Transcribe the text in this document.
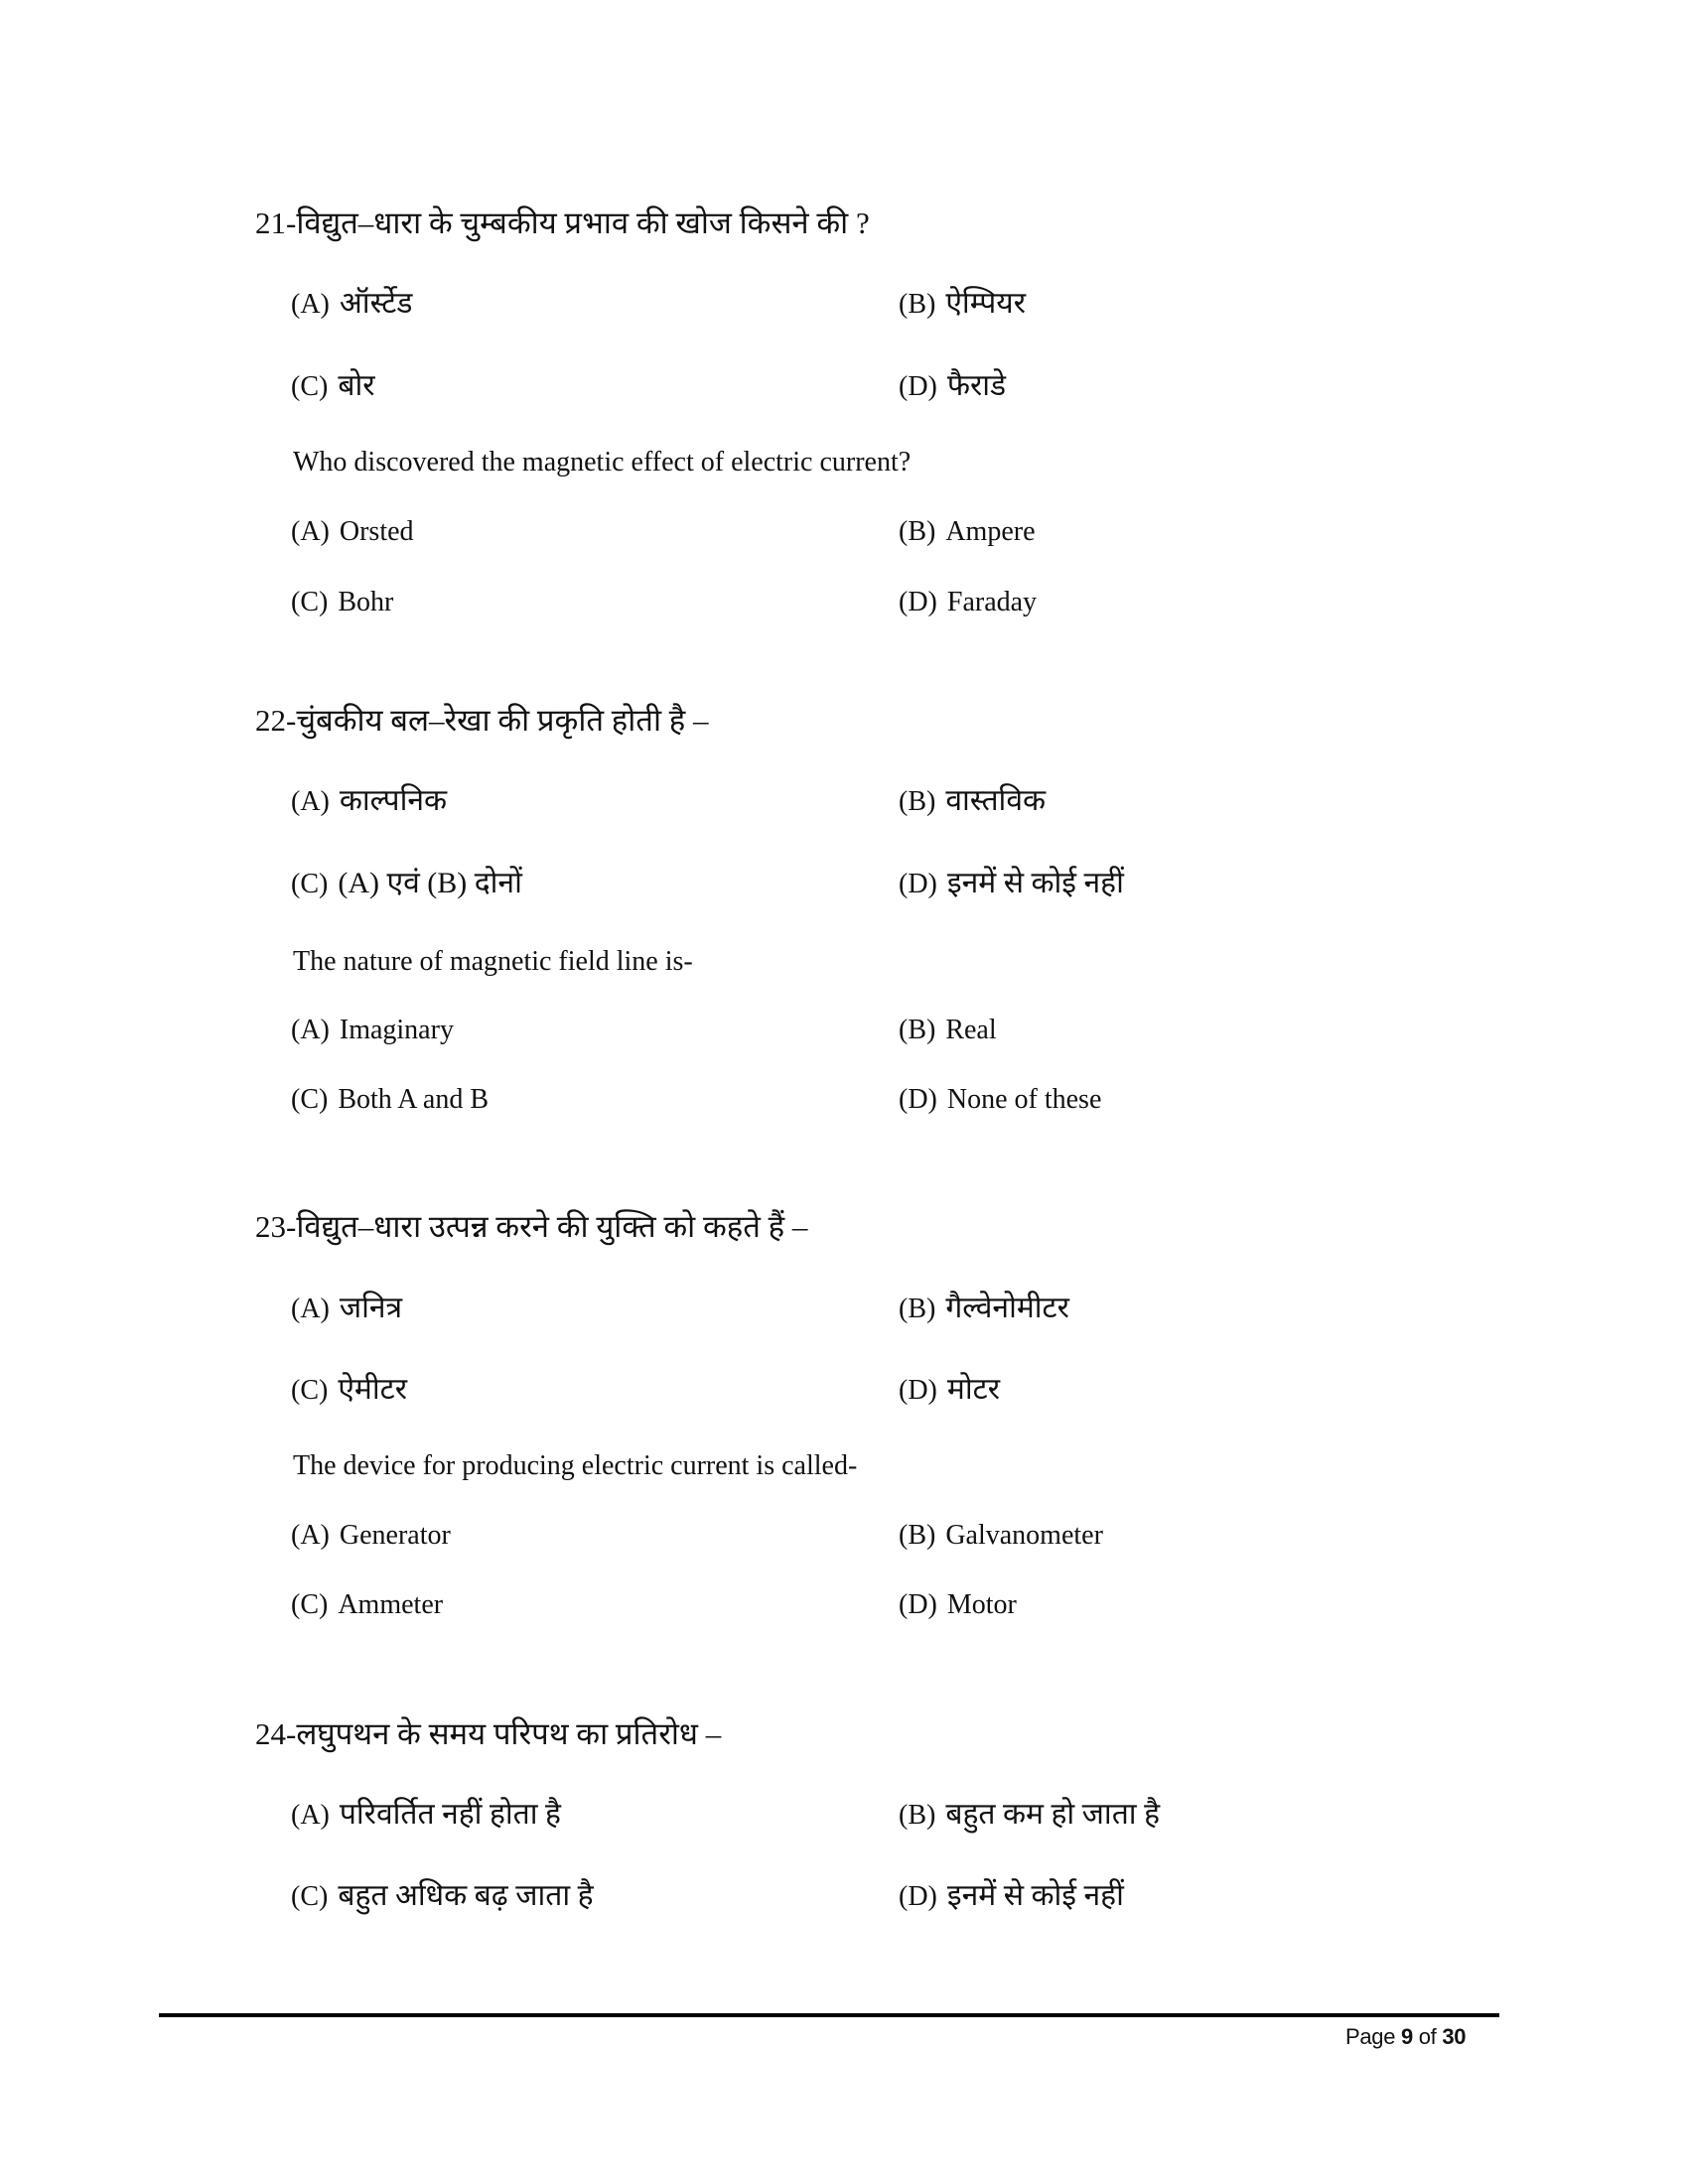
21-विद्युत–धारा के चुम्बकीय प्रभाव की खोज किसने की ?
(A) ऑर्स्टेड	(B) ऐम्पियर
(C) बोर	(D) फैराडे
Who discovered the magnetic effect of electric current?
(A) Orsted	(B) Ampere
(C) Bohr	(D) Faraday
22-चुंबकीय बल–रेखा की प्रकृति होती है –
(A) काल्पनिक	(B) वास्तविक
(C) (A) एवं (B) दोनों	(D) इनमें से कोई नहीं
The nature of magnetic field line is-
(A) Imaginary	(B) Real
(C) Both A and B	(D) None of these
23-विद्युत–धारा उत्पन्न करने की युक्ति को कहते हैं –
(A) जनित्र	(B) गैल्वेनोमीटर
(C) ऐमीटर	(D) मोटर
The device for producing electric current is called-
(A) Generator	(B) Galvanometer
(C) Ammeter	(D) Motor
24-लघुपथन के समय परिपथ का प्रतिरोध –
(A) परिवर्तित नहीं होता है	(B) बहुत कम हो जाता है
(C) बहुत अधिक बढ़ जाता है	(D) इनमें से कोई नहीं
Page 9 of 30
